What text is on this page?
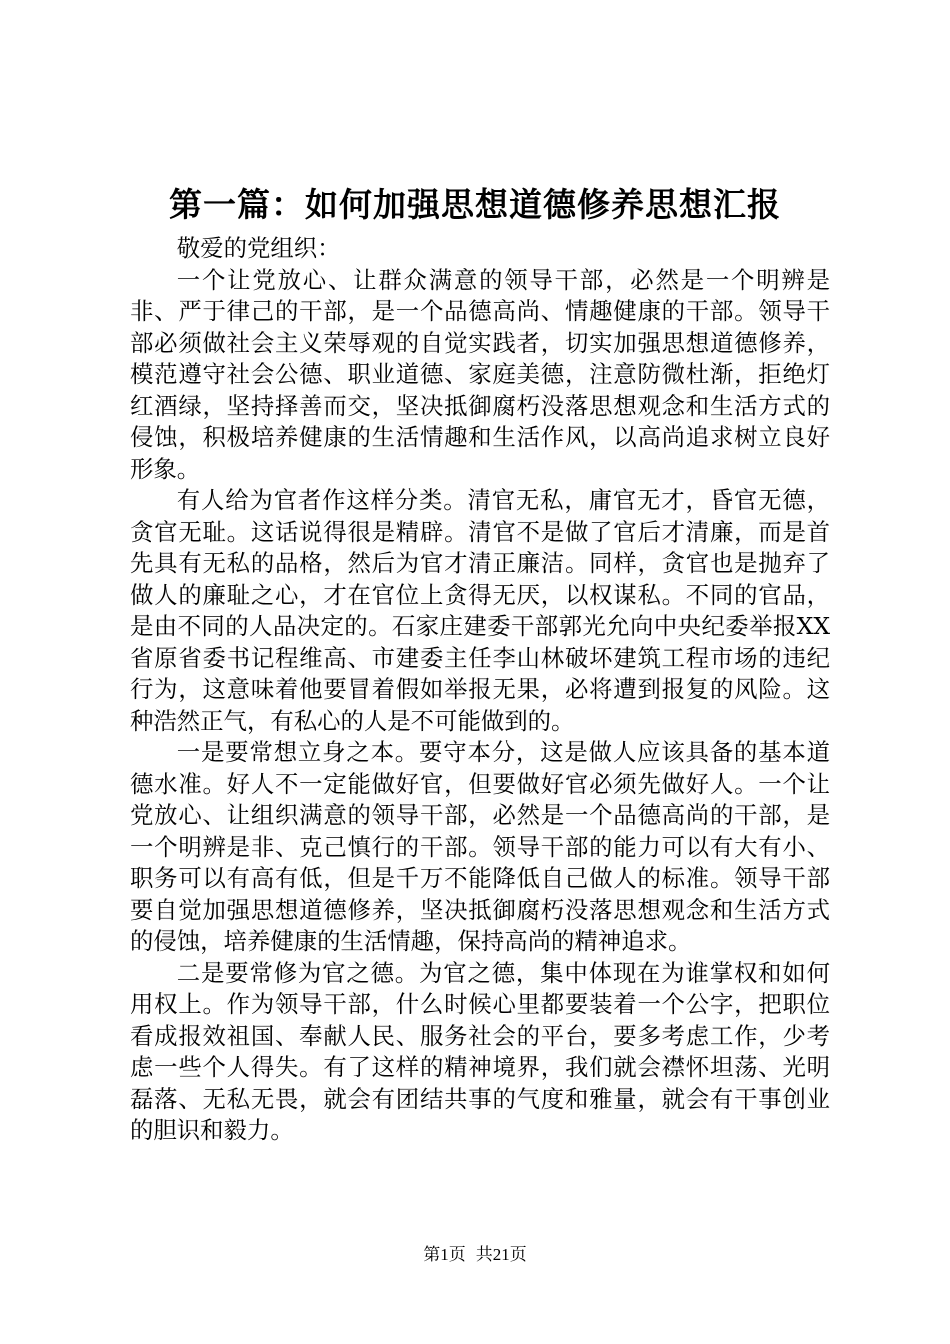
第一篇：如何加强思想道德修养思想汇报

敬爱的党组织：

一个让党放心、让群众满意的领导干部，必然是一个明辨是非、严于律己的干部，是一个品德高尚、情趣健康的干部。领导干部必须做社会主义荣辱观的自觉实践者，切实加强思想道德修养，模范遵守社会公德、职业道德、家庭美德，注意防微杜渐，拒绝灯红酒绿，坚持择善而交，坚决抵御腐朽没落思想观念和生活方式的侵蚀，积极培养健康的生活情趣和生活作风，以高尚追求树立良好形象。

有人给为官者作这样分类。清官无私，庸官无才，昏官无德，贪官无耻。这话说得很是精辟。清官不是做了官后才清廉，而是首先具有无私的品格，然后为官才清正廉洁。同样，贪官也是抛弃了做人的廉耻之心，才在官位上贪得无厌，以权谋私。不同的官品，是由不同的人品决定的。石家庄建委干部郭光允向中央纪委举报XX省原省委书记程维高、市建委主任李山林破坏建筑工程市场的违纪行为，这意味着他要冒着假如举报无果，必将遭到报复的风险。这种浩然正气，有私心的人是不可能做到的。

一是要常想立身之本。要守本分，这是做人应该具备的基本道德水准。好人不一定能做好官，但要做好官必须先做好人。一个让党放心、让组织满意的领导干部，必然是一个品德高尚的干部，是一个明辨是非、克己慎行的干部。领导干部的能力可以有大有小、职务可以有高有低，但是千万不能降低自己做人的标准。领导干部要自觉加强思想道德修养，坚决抵御腐朽没落思想观念和生活方式的侵蚀，培养健康的生活情趣，保持高尚的精神追求。

二是要常修为官之德。为官之德，集中体现在为谁掌权和如何用权上。作为领导干部，什么时候心里都要装着一个公字，把职位看成报效祖国、奉献人民、服务社会的平台，要多考虑工作，少考虑一些个人得失。有了这样的精神境界，我们就会襟怀坦荡、光明磊落、无私无畏，就会有团结共事的气度和雅量，就会有干事创业的胆识和毅力。

第1页 共21页
